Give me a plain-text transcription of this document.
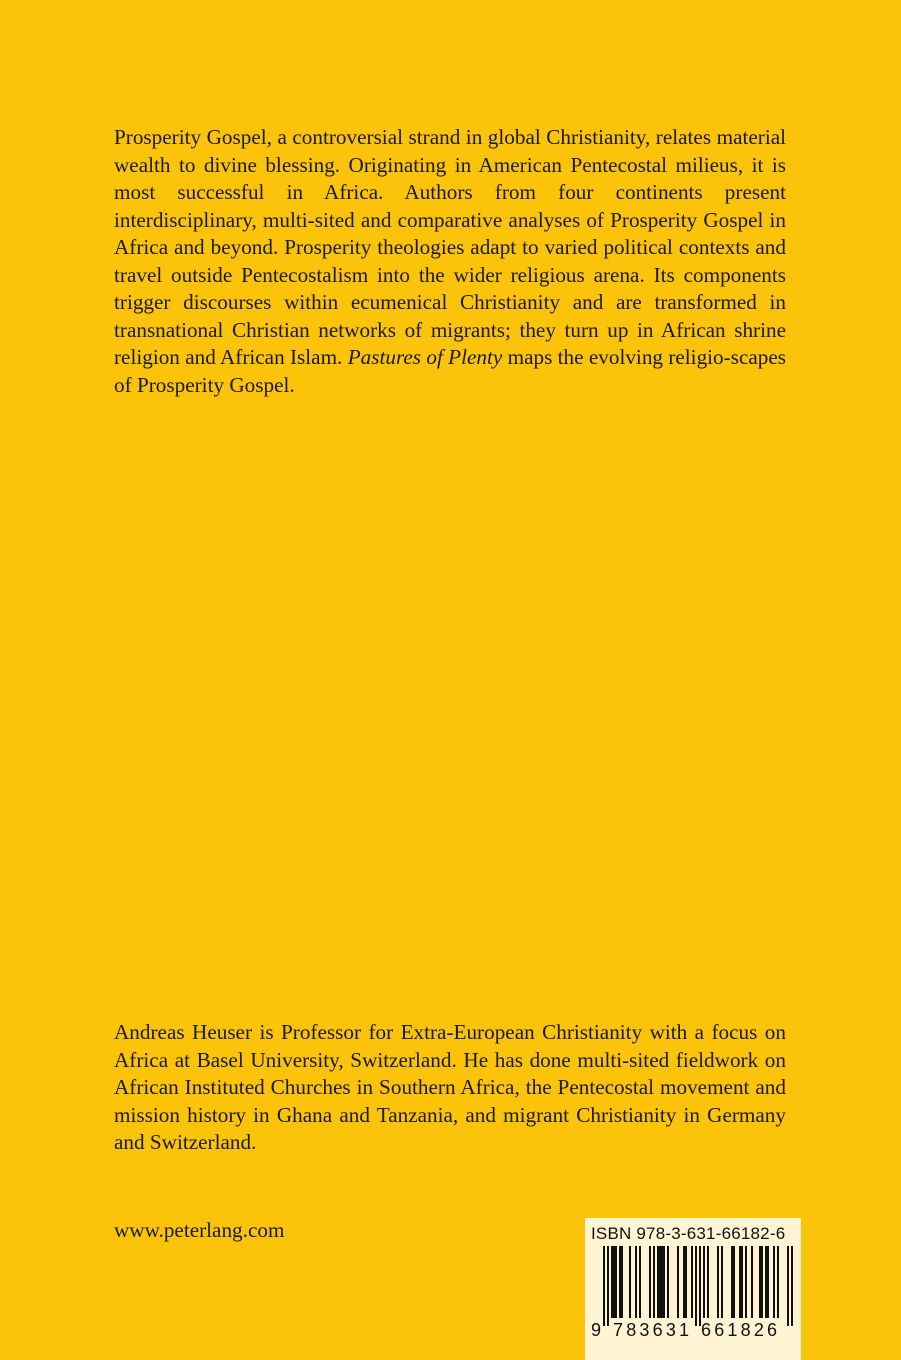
Prosperity Gospel, a controversial strand in global Christianity, relates material wealth to divine blessing. Originating in American Pentecostal milieus, it is most successful in Africa. Authors from four continents present interdisciplinary, multi-sited and comparative analyses of Prosperity Gospel in Africa and beyond. Prosperity theologies adapt to varied political contexts and travel outside Pentecostalism into the wider religious arena. Its components trigger discourses within ecumenical Christianity and are transformed in transnational Christian networks of migrants; they turn up in African shrine religion and African Islam. Pastures of Plenty maps the evolving religio-scapes of Prosperity Gospel.

Andreas Heuser is Professor for Extra-European Christianity with a focus on Africa at Basel University, Switzerland. He has done multi-sited fieldwork on African Instituted Churches in Southern Africa, the Pentecostal movement and mission history in Ghana and Tanzania, and migrant Christianity in Germany and Switzerland.

www.peterlang.com	ISBN 978-3-631-66182-6
9 783631 661826
